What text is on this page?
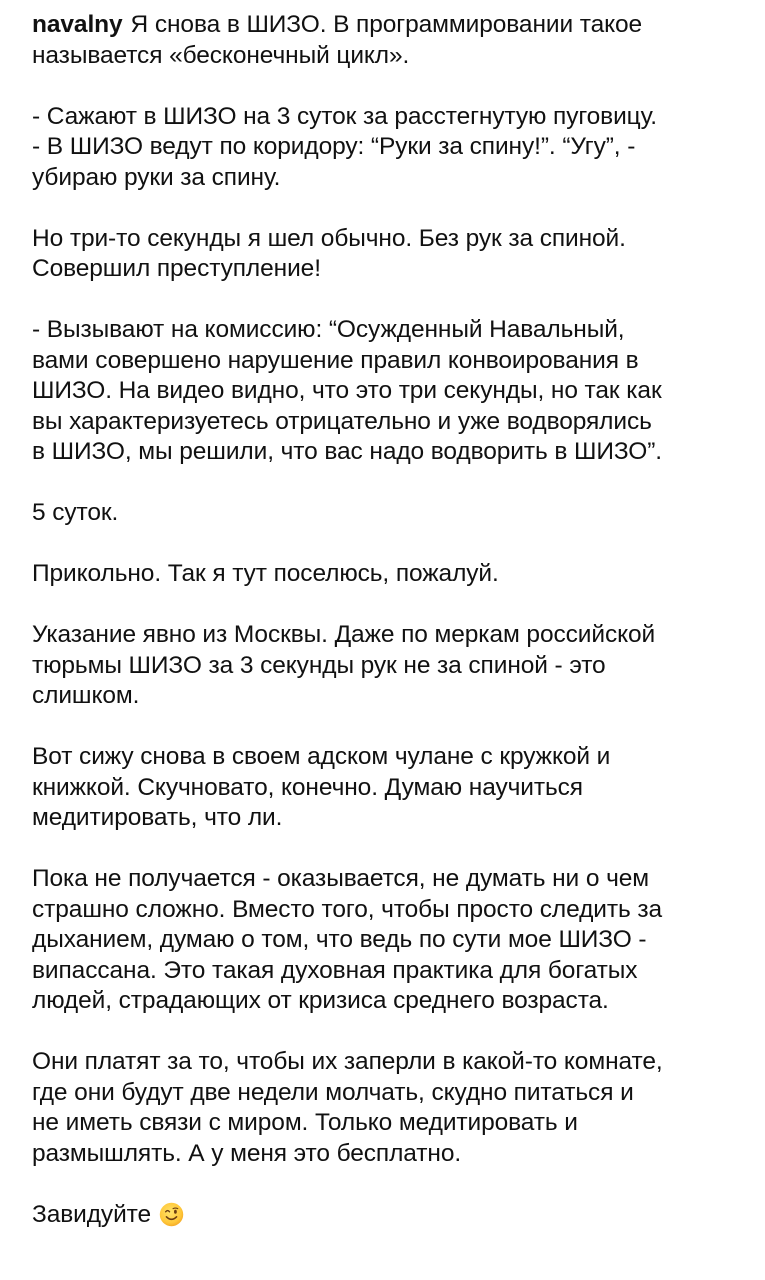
navalny Я снова в ШИЗО. В программировании такое
называется «бесконечный цикл».

- Сажают в ШИЗО на 3 суток за расстегнутую пуговицу.
- В ШИЗО ведут по коридору: “Руки за спину!”. “Угу”, -
убираю руки за спину.

Но три-то секунды я шел обычно. Без рук за спиной.
Совершил преступление!

- Вызывают на комиссию: “Осужденный Навальный,
вами совершено нарушение правил конвоирования в
ШИЗО. На видео видно, что это три секунды, но так как
вы характеризуетесь отрицательно и уже водворялись
в ШИЗО, мы решили, что вас надо водворить в ШИЗО”.

5 суток.

Прикольно. Так я тут поселюсь, пожалуй.

Указание явно из Москвы. Даже по меркам российской
тюрьмы ШИЗО за 3 секунды рук не за спиной - это
слишком.

Вот сижу снова в своем адском чулане с кружкой и
книжкой. Скучновато, конечно. Думаю научиться
медитировать, что ли.

Пока не получается - оказывается, не думать ни о чем
страшно сложно. Вместо того, чтобы просто следить за
дыханием, думаю о том, что ведь по сути мое ШИЗО -
випассана. Это такая духовная практика для богатых
людей, страдающих от кризиса среднего возраста.

Они платят за то, чтобы их заперли в какой-то комнате,
где они будут две недели молчать, скудно питаться и
не иметь связи с миром. Только медитировать и
размышлять. А у меня это бесплатно.

Завидуйте
